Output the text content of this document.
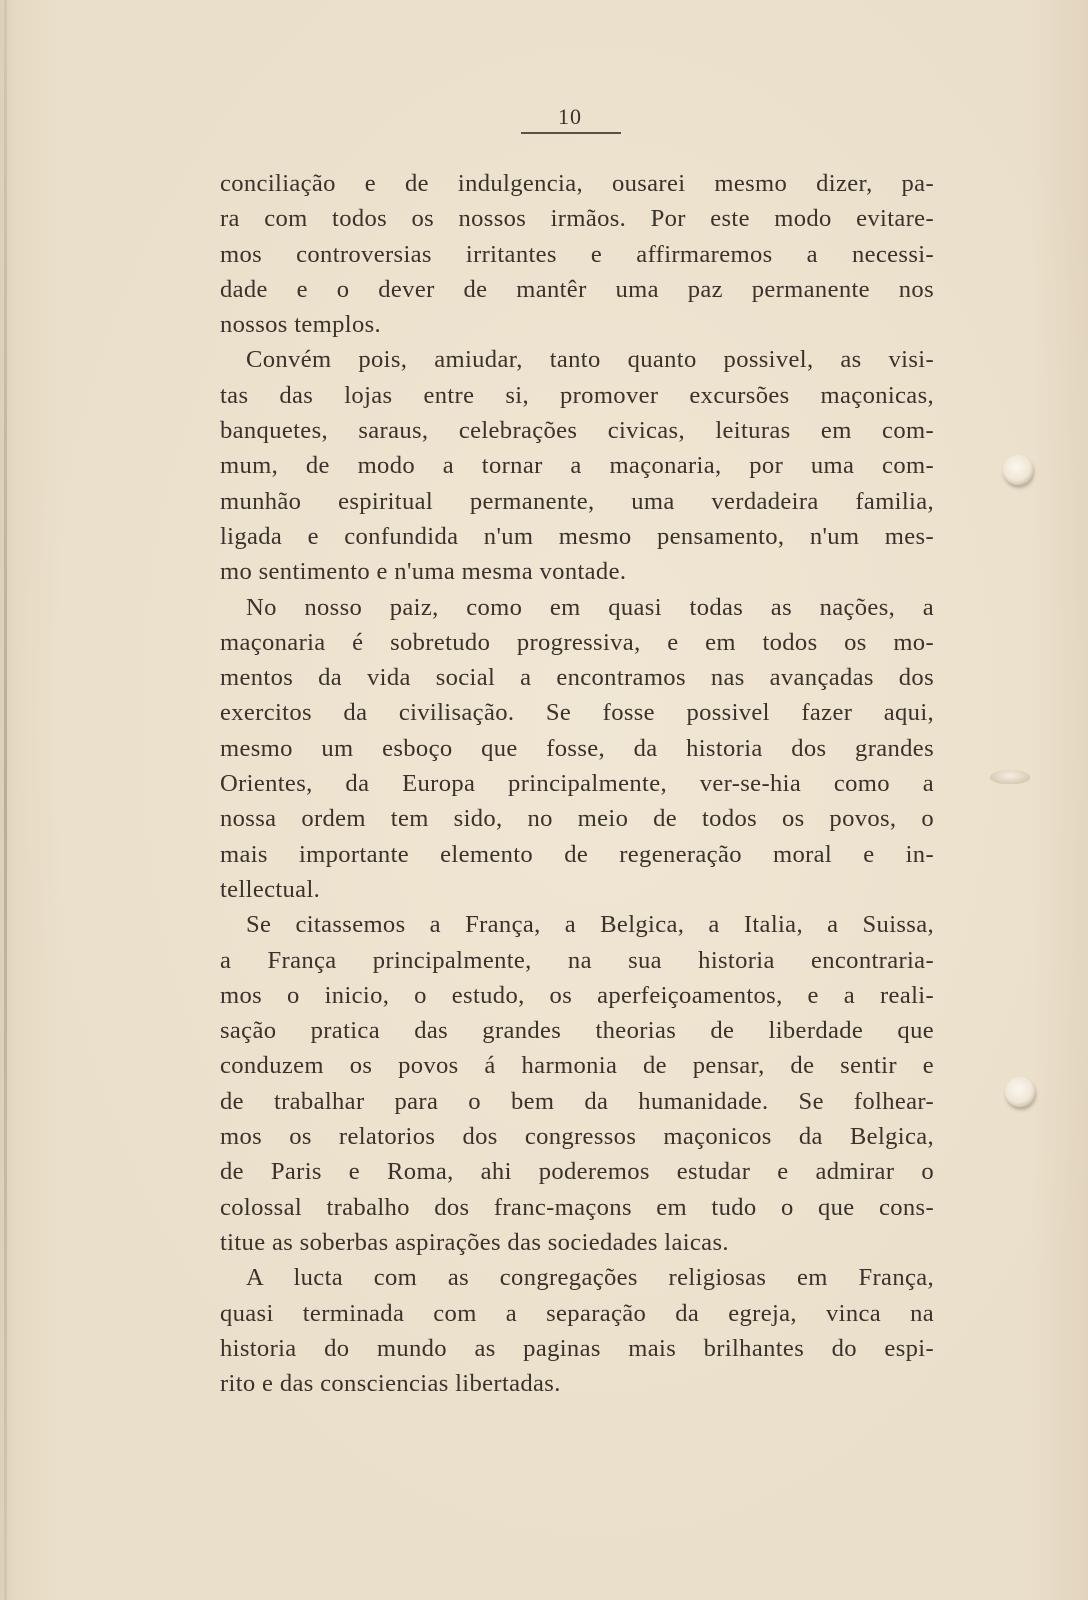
10
conciliação e de indulgencia, ousarei mesmo dizer, pa-
ra com todos os nossos irmãos. Por este modo evitare-
mos controversias irritantes e affirmaremos a necessi-
dade e o dever de mantêr uma paz permanente nos
nossos templos.
Convém pois, amiudar, tanto quanto possivel, as visi-
tas das lojas entre si, promover excursões maçonicas,
banquetes, saraus, celebrações civicas, leituras em com-
mum, de modo a tornar a maçonaria, por uma com-
munhão espiritual permanente, uma verdadeira familia,
ligada e confundida n'um mesmo pensamento, n'um mes-
mo sentimento e n'uma mesma vontade.
No nosso paiz, como em quasi todas as nações, a
maçonaria é sobretudo progressiva, e em todos os mo-
mentos da vida social a encontramos nas avançadas dos
exercitos da civilisação. Se fosse possivel fazer aqui,
mesmo um esboço que fosse, da historia dos grandes
Orientes, da Europa principalmente, ver-se-hia como a
nossa ordem tem sido, no meio de todos os povos, o
mais importante elemento de regeneração moral e in-
tellectual.
Se citassemos a França, a Belgica, a Italia, a Suissa,
a França principalmente, na sua historia encontraria-
mos o inicio, o estudo, os aperfeiçoamentos, e a reali-
sação pratica das grandes theorias de liberdade que
conduzem os povos á harmonia de pensar, de sentir e
de trabalhar para o bem da humanidade. Se folhear-
mos os relatorios dos congressos maçonicos da Belgica,
de Paris e Roma, ahi poderemos estudar e admirar o
colossal trabalho dos franc-maçons em tudo o que cons-
titue as soberbas aspirações das sociedades laicas.
A lucta com as congregações religiosas em França,
quasi terminada com a separação da egreja, vinca na
historia do mundo as paginas mais brilhantes do espi-
rito e das consciencias libertadas.
